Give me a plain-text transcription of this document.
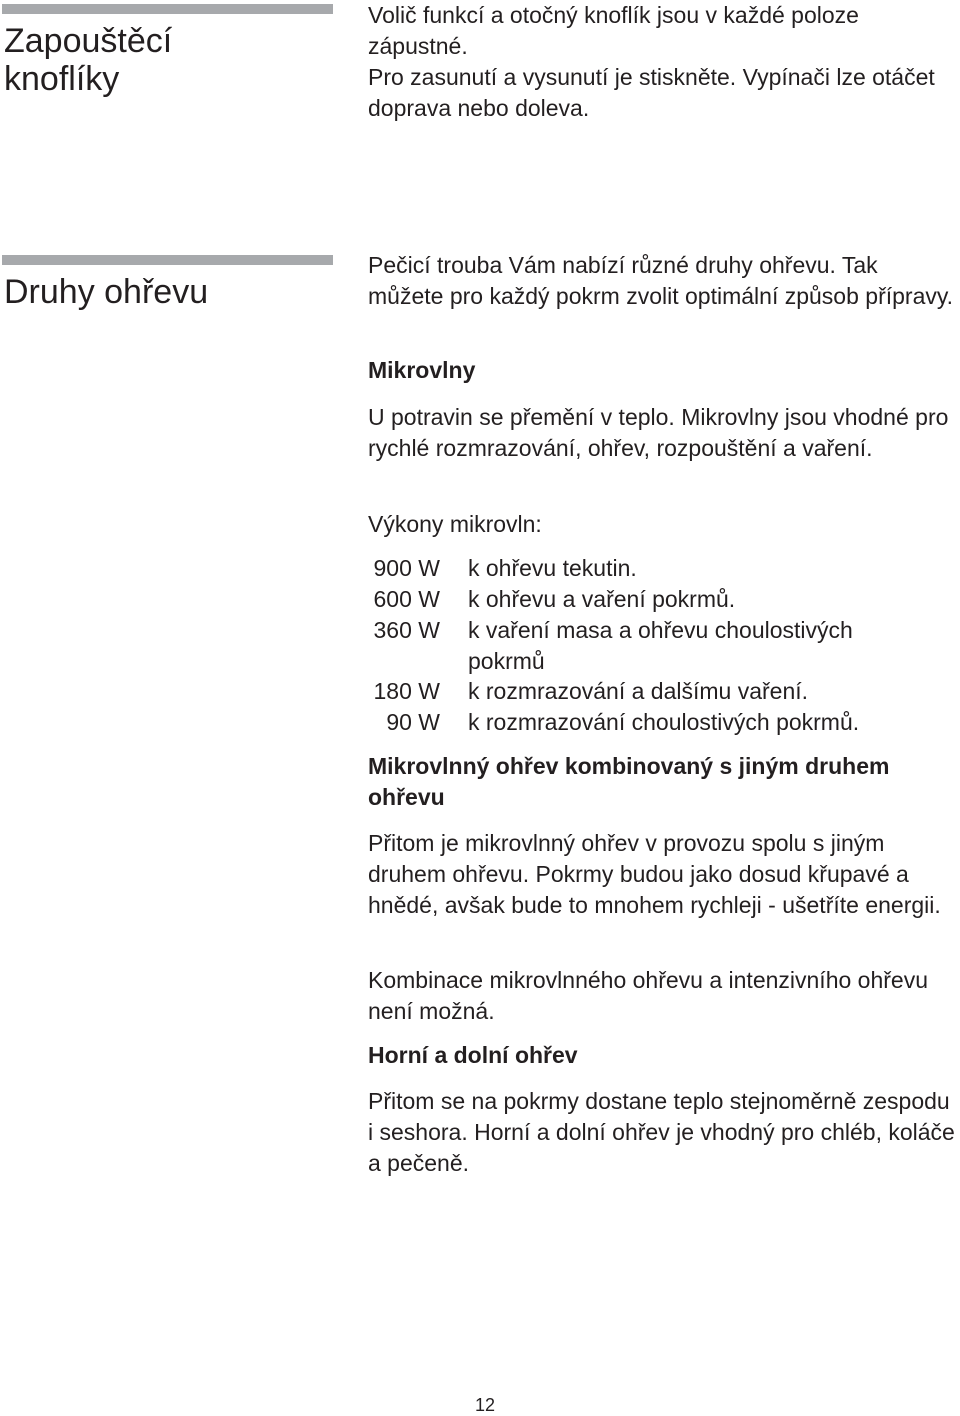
Zapouštěcí
knoflíky
Volič funkcí a otočný knoflík jsou v každé poloze zápustné.
Pro zasunutí a vysunutí je stiskněte. Vypínači lze otáčet doprava nebo doleva.
Druhy ohřevu
Pečicí trouba Vám nabízí různé druhy ohřevu. Tak můžete pro každý pokrm zvolit optimální způsob přípravy.
Mikrovlny
U potravin se přemění v teplo. Mikrovlny jsou vhodné pro rychlé rozmrazování, ohřev, rozpouštění a vaření.
Výkony mikrovln:
900 W k ohřevu tekutin.
600 W k ohřevu a vaření pokrmů.
360 W k vaření masa a ohřevu choulostivých pokrmů
180 W k rozmrazování a dalšímu vaření.
90 W k rozmrazování choulostivých pokrmů.
Mikrovlnný ohřev kombinovaný s jiným druhem ohřevu
Přitom je mikrovlnný ohřev v provozu spolu s jiným druhem ohřevu. Pokrmy budou jako dosud křupavé a hnědé, avšak bude to mnohem rychleji - ušetříte energii.
Kombinace mikrovlnného ohřevu a intenzivního ohřevu není možná.
Horní a dolní ohřev
Přitom se na pokrmy dostane teplo stejnoměrně zespodu i seshora. Horní a dolní ohřev je vhodný pro chléb, koláče a pečeně.
12
